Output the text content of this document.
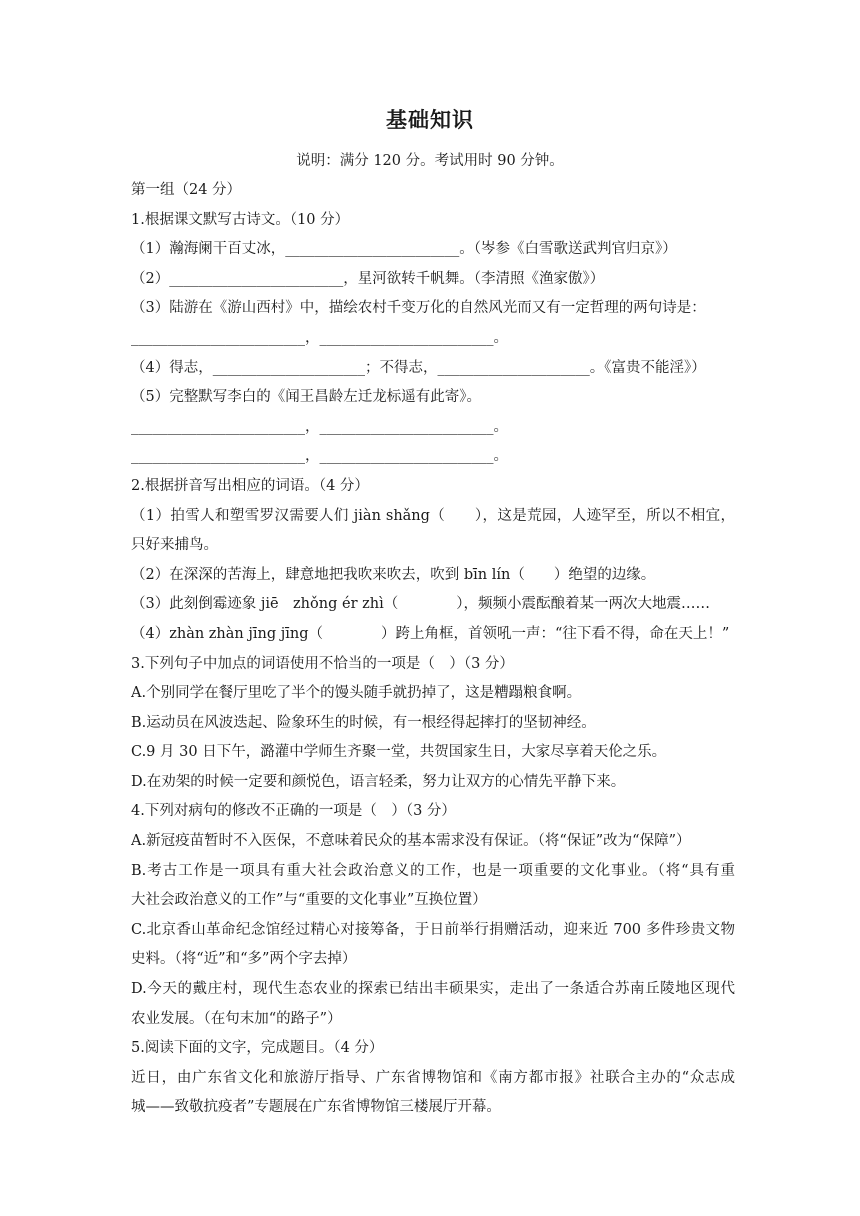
基础知识
说明：满分 120 分。考试用时 90 分钟。
第一组（24 分）
1.根据课文默写古诗文。（10 分）
（1）瀚海阑干百丈冰，________________________。（岑参《白雪歌送武判官归京》）
（2）________________________，星河欲转千帆舞。（李清照《渔家傲》）
（3）陆游在《游山西村》中，描绘农村千变万化的自然风光而又有一定哲理的两句诗是：
________________________，________________________。
（4）得志，_____________________；不得志，_____________________。《富贵不能淫》）
（5）完整默写李白的《闻王昌龄左迁龙标遥有此寄》。
________________________，________________________。
________________________，________________________。
2.根据拼音写出相应的词语。（4 分）
（1）拍雪人和塑雪罗汉需要人们 jiàn shǎng（　　），这是荒园，人迹罕至，所以不相宜，
只好来捕鸟。
（2）在深深的苦海上，肆意地把我吹来吹去，吹到 bīn lín（　　）绝望的边缘。
（3）此刻倒霉迹象 jiē　zhǒng ér zhì（　　　　），频频小震酝酿着某一两次大地震……
（4）zhàn zhàn jīng jīng（　　　　）跨上角框，首领吼一声：“往下看不得，命在天上！”
3.下列句子中加点的词语使用不恰当的一项是（　）（3 分）
A.个别同学在餐厅里吃了半个的馒头随手就扔掉了，这是糟蹋粮食啊。
B.运动员在风波迭起、险象环生的时候，有一根经得起摔打的坚韧神经。
C.9 月 30 日下午，潞灌中学师生齐聚一堂，共贺国家生日，大家尽享着天伦之乐。
D.在劝架的时候一定要和颜悦色，语言轻柔，努力让双方的心情先平静下来。
4.下列对病句的修改不正确的一项是（　）（3 分）
A.新冠疫苗暂时不入医保，不意味着民众的基本需求没有保证。（将“保证”改为“保障”）
B.考古工作是一项具有重大社会政治意义的工作，也是一项重要的文化事业。（将“具有重
大社会政治意义的工作”与“重要的文化事业”互换位置）
C.北京香山革命纪念馆经过精心对接筹备，于日前举行捐赠活动，迎来近 700 多件珍贵文物
史料。（将“近”和“多”两个字去掉）
D.今天的戴庄村，现代生态农业的探索已结出丰硕果实，走出了一条适合苏南丘陵地区现代
农业发展。（在句末加“的路子”）
5.阅读下面的文字，完成题目。（4 分）
近日，由广东省文化和旅游厅指导、广东省博物馆和《南方都市报》社联合主办的“众志成
城——致敬抗疫者”专题展在广东省博物馆三楼展厅开幕。
